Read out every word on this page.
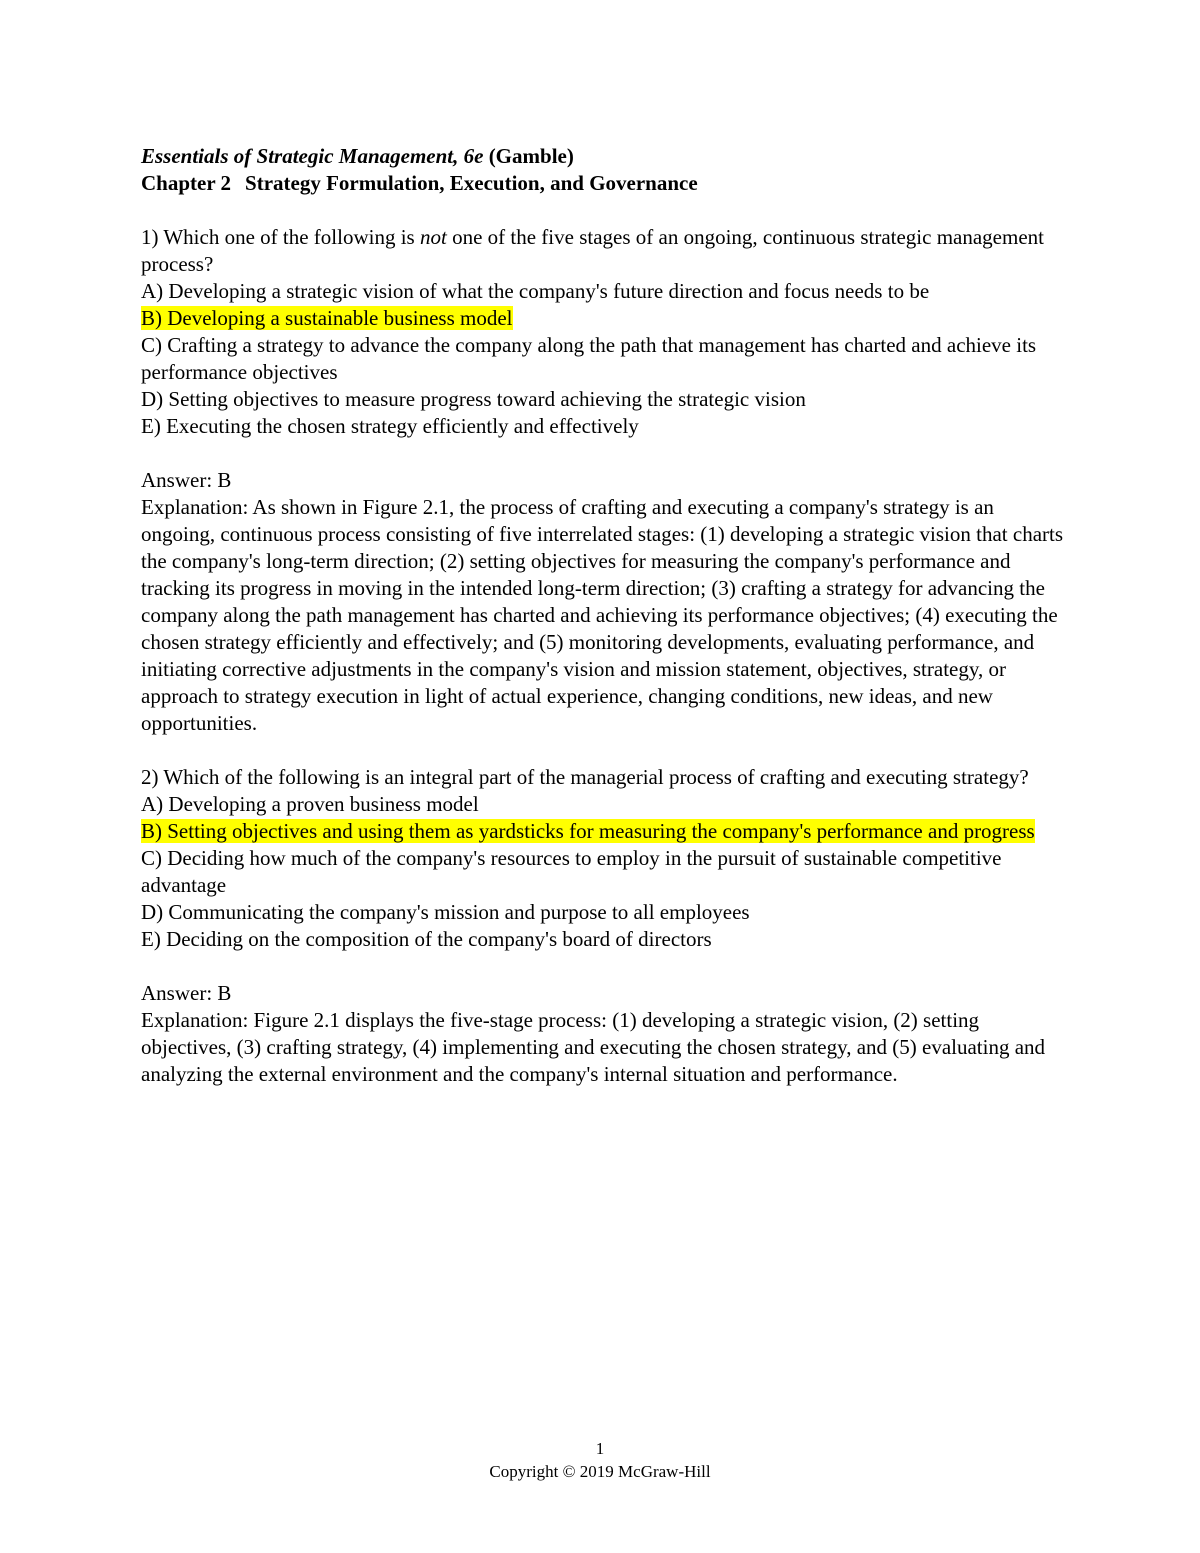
Essentials of Strategic Management, 6e (Gamble)

Chapter 2 Strategy Formulation, Execution, and Governance

1) Which one of the following is not one of the five stages of an ongoing, continuous strategic management process?

A) Developing a strategic vision of what the company's future direction and focus needs to be

B) Developing a sustainable business model

C) Crafting a strategy to advance the company along the path that management has charted and achieve its performance objectives

D) Setting objectives to measure progress toward achieving the strategic vision

E) Executing the chosen strategy efficiently and effectively

Answer: B

Explanation: As shown in Figure 2.1, the process of crafting and executing a company's strategy is an ongoing, continuous process consisting of five interrelated stages: (1) developing a strategic vision that charts the company's long-term direction; (2) setting objectives for measuring the company's performance and tracking its progress in moving in the intended long-term direction; (3) crafting a strategy for advancing the company along the path management has charted and achieving its performance objectives; (4) executing the chosen strategy efficiently and effectively; and (5) monitoring developments, evaluating performance, and initiating corrective adjustments in the company's vision and mission statement, objectives, strategy, or approach to strategy execution in light of actual experience, changing conditions, new ideas, and new opportunities.

2) Which of the following is an integral part of the managerial process of crafting and executing strategy?

A) Developing a proven business model

B) Setting objectives and using them as yardsticks for measuring the company's performance and progress

C) Deciding how much of the company's resources to employ in the pursuit of sustainable competitive advantage

D) Communicating the company's mission and purpose to all employees

E) Deciding on the composition of the company's board of directors

Answer: B

Explanation: Figure 2.1 displays the five-stage process: (1) developing a strategic vision, (2) setting objectives, (3) crafting strategy, (4) implementing and executing the chosen strategy, and (5) evaluating and analyzing the external environment and the company's internal situation and performance.

1
Copyright © 2019 McGraw-Hill
